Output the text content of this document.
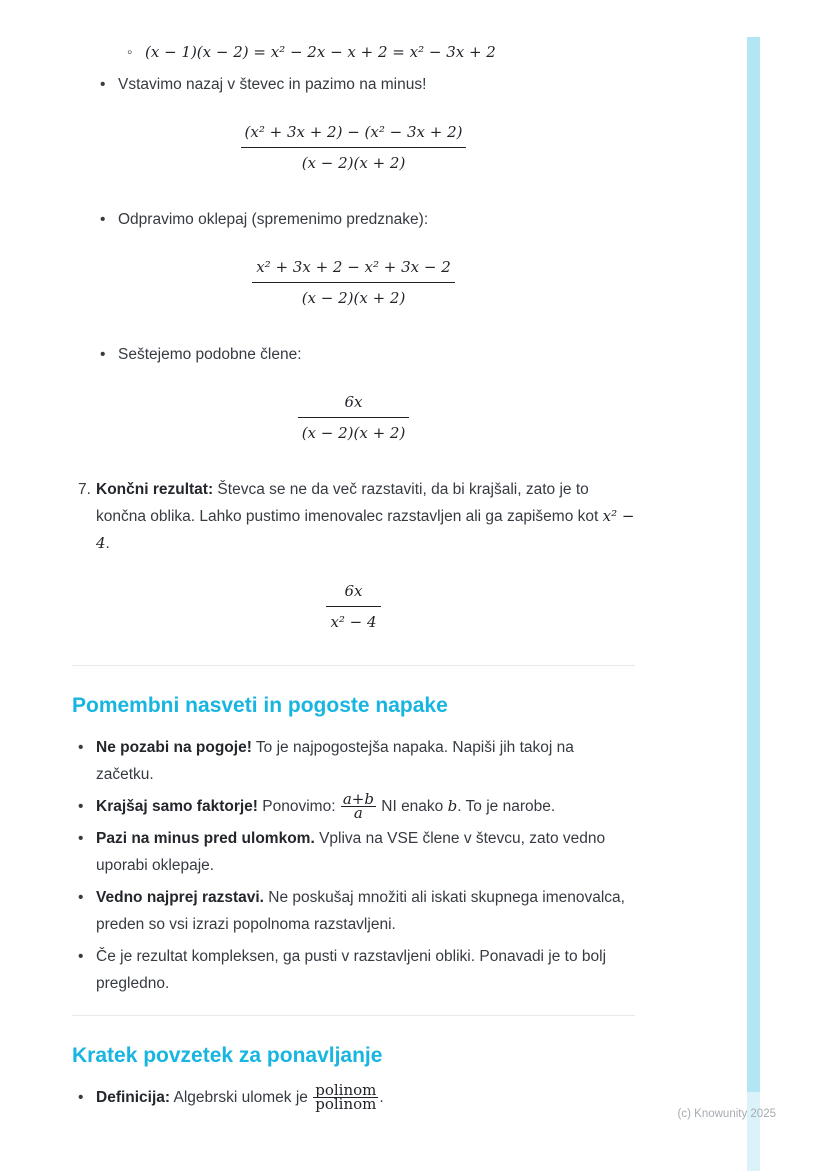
◦ (x − 1)(x − 2) = x² − 2x − x + 2 = x² − 3x + 2
• Vstavimo nazaj v števec in pazimo na minus!
$\frac{\text{(x² + 3x + 2) − (x² − 3x + 2)}}{(x - 2)(x + 2)}$
• Odpravimo oklepaj (spremenimo predznake):
$\frac{\text{x² + 3x + 2 − x² + 3x − 2}}{(x - 2)(x + 2)}$
• Seštejemo podobne člene:
$\frac{6x}{(x - 2)(x + 2)}$
7. Končni rezultat: Števca se ne da več razstaviti, da bi krajšali, zato je to končna oblika. Lahko pustimo imenovalec razstavljen ali ga zapišemo kot x² − 4.
$\frac{6x}{\text{x² − 4}}$
Pomembni nasveti in pogoste napake
• Ne pozabi na pogoje! To je najpogostejša napaka. Napiši jih takoj na začetku.
• Krajšaj samo faktorje! Ponovimo: $\frac{a+b}{a}$ NI enako b. To je narobe.
• Pazi na minus pred ulomkom. Vpliva na VSE člene v števcu, zato vedno uporabi oklepaje.
• Vedno najprej razstavi. Ne poskušaj množiti ali iskati skupnega imenovalca, preden so vsi izrazi popolnoma razstavljeni.
• Če je rezultat kompleksen, ga pusti v razstavljeni obliki. Ponavadi je to bolj pregledno.
Kratek povzetek za ponavljanje
• Definicija: Algebrski ulomek je polinom
polinom .
(c) Knowunity 2025
